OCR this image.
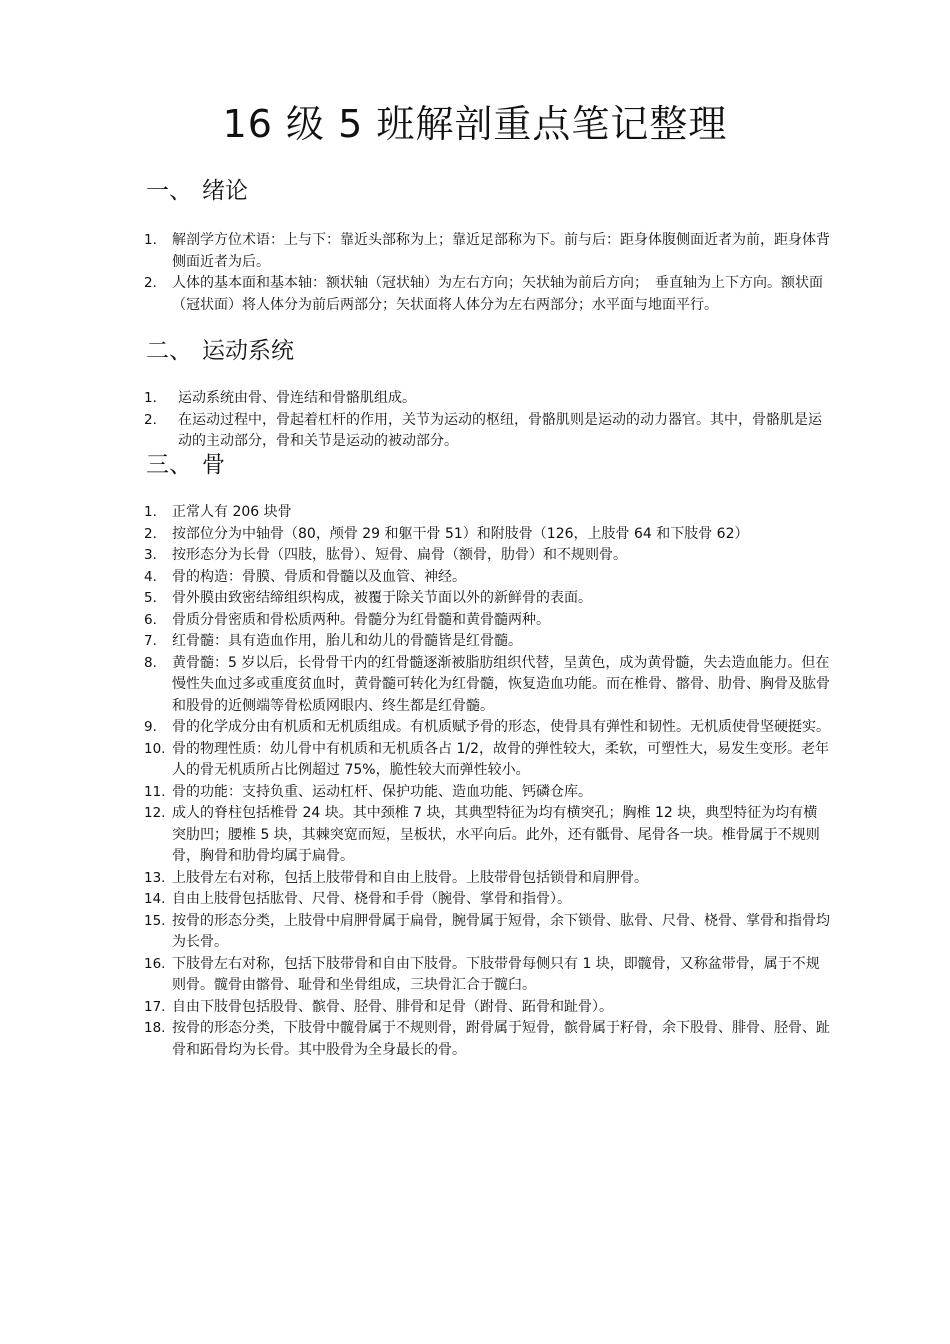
16 级 5 班解剖重点笔记整理
一、 绪论
1.	解剖学方位术语：上与下：靠近头部称为上；靠近足部称为下。前与后：距身体腹侧面近者为前，距身体背侧面近者为后。
2.	人体的基本面和基本轴：额状轴（冠状轴）为左右方向；矢状轴为前后方向；　垂直轴为上下方向。额状面（冠状面）将人体分为前后两部分；矢状面将人体分为左右两部分；水平面与地面平行。
二、 运动系统
1.	运动系统由骨、骨连结和骨骼肌组成。
2.	在运动过程中，骨起着杠杆的作用，关节为运动的枢纽，骨骼肌则是运动的动力器官。其中，骨骼肌是运动的主动部分，骨和关节是运动的被动部分。
三、 骨
1.	正常人有 206 块骨
2.	按部位分为中轴骨（80，颅骨 29 和躯干骨 51）和附肢骨（126，上肢骨 64 和下肢骨 62）
3.	按形态分为长骨（四肢，肱骨）、短骨、扁骨（额骨，肋骨）和不规则骨。
4.	骨的构造：骨膜、骨质和骨髓以及血管、神经。
5.	骨外膜由致密结缔组织构成，被覆于除关节面以外的新鲜骨的表面。
6.	骨质分骨密质和骨松质两种。骨髓分为红骨髓和黄骨髓两种。
7.	红骨髓：具有造血作用，胎儿和幼儿的骨髓皆是红骨髓。
8.	黄骨髓：5 岁以后，长骨骨干内的红骨髓逐渐被脂肪组织代替，呈黄色，成为黄骨髓，失去造血能力。但在慢性失血过多或重度贫血时，黄骨髓可转化为红骨髓，恢复造血功能。而在椎骨、髂骨、肋骨、胸骨及肱骨和股骨的近侧端等骨松质网眼内、终生都是红骨髓。
9.	骨的化学成分由有机质和无机质组成。有机质赋予骨的形态，使骨具有弹性和韧性。无机质使骨坚硬挺实。
10. 骨的物理性质：幼儿骨中有机质和无机质各占 1/2，故骨的弹性较大，柔软，可塑性大，易发生变形。老年人的骨无机质所占比例超过 75%，脆性较大而弹性较小。
11. 骨的功能：支持负重、运动杠杆、保护功能、造血功能、钙磷仓库。
12. 成人的脊柱包括椎骨 24 块。其中颈椎 7 块，其典型特征为均有横突孔；胸椎 12 块，典型特征为均有横突肋凹；腰椎 5 块，其棘突宽而短，呈板状，水平向后。此外，还有骶骨、尾骨各一块。椎骨属于不规则骨，胸骨和肋骨均属于扁骨。
13. 上肢骨左右对称，包括上肢带骨和自由上肢骨。上肢带骨包括锁骨和肩胛骨。
14. 自由上肢骨包括肱骨、尺骨、桡骨和手骨（腕骨、掌骨和指骨）。
15. 按骨的形态分类，上肢骨中肩胛骨属于扁骨，腕骨属于短骨，余下锁骨、肱骨、尺骨、桡骨、掌骨和指骨均为长骨。
16. 下肢骨左右对称，包括下肢带骨和自由下肢骨。下肢带骨每侧只有 1 块，即髋骨，又称盆带骨，属于不规则骨。髋骨由髂骨、耻骨和坐骨组成，三块骨汇合于髋臼。
17. 自由下肢骨包括股骨、髌骨、胫骨、腓骨和足骨（跗骨、跖骨和趾骨）。
18. 按骨的形态分类，下肢骨中髋骨属于不规则骨，跗骨属于短骨，髌骨属于籽骨，余下股骨、腓骨、胫骨、趾骨和跖骨均为长骨。其中股骨为全身最长的骨。
